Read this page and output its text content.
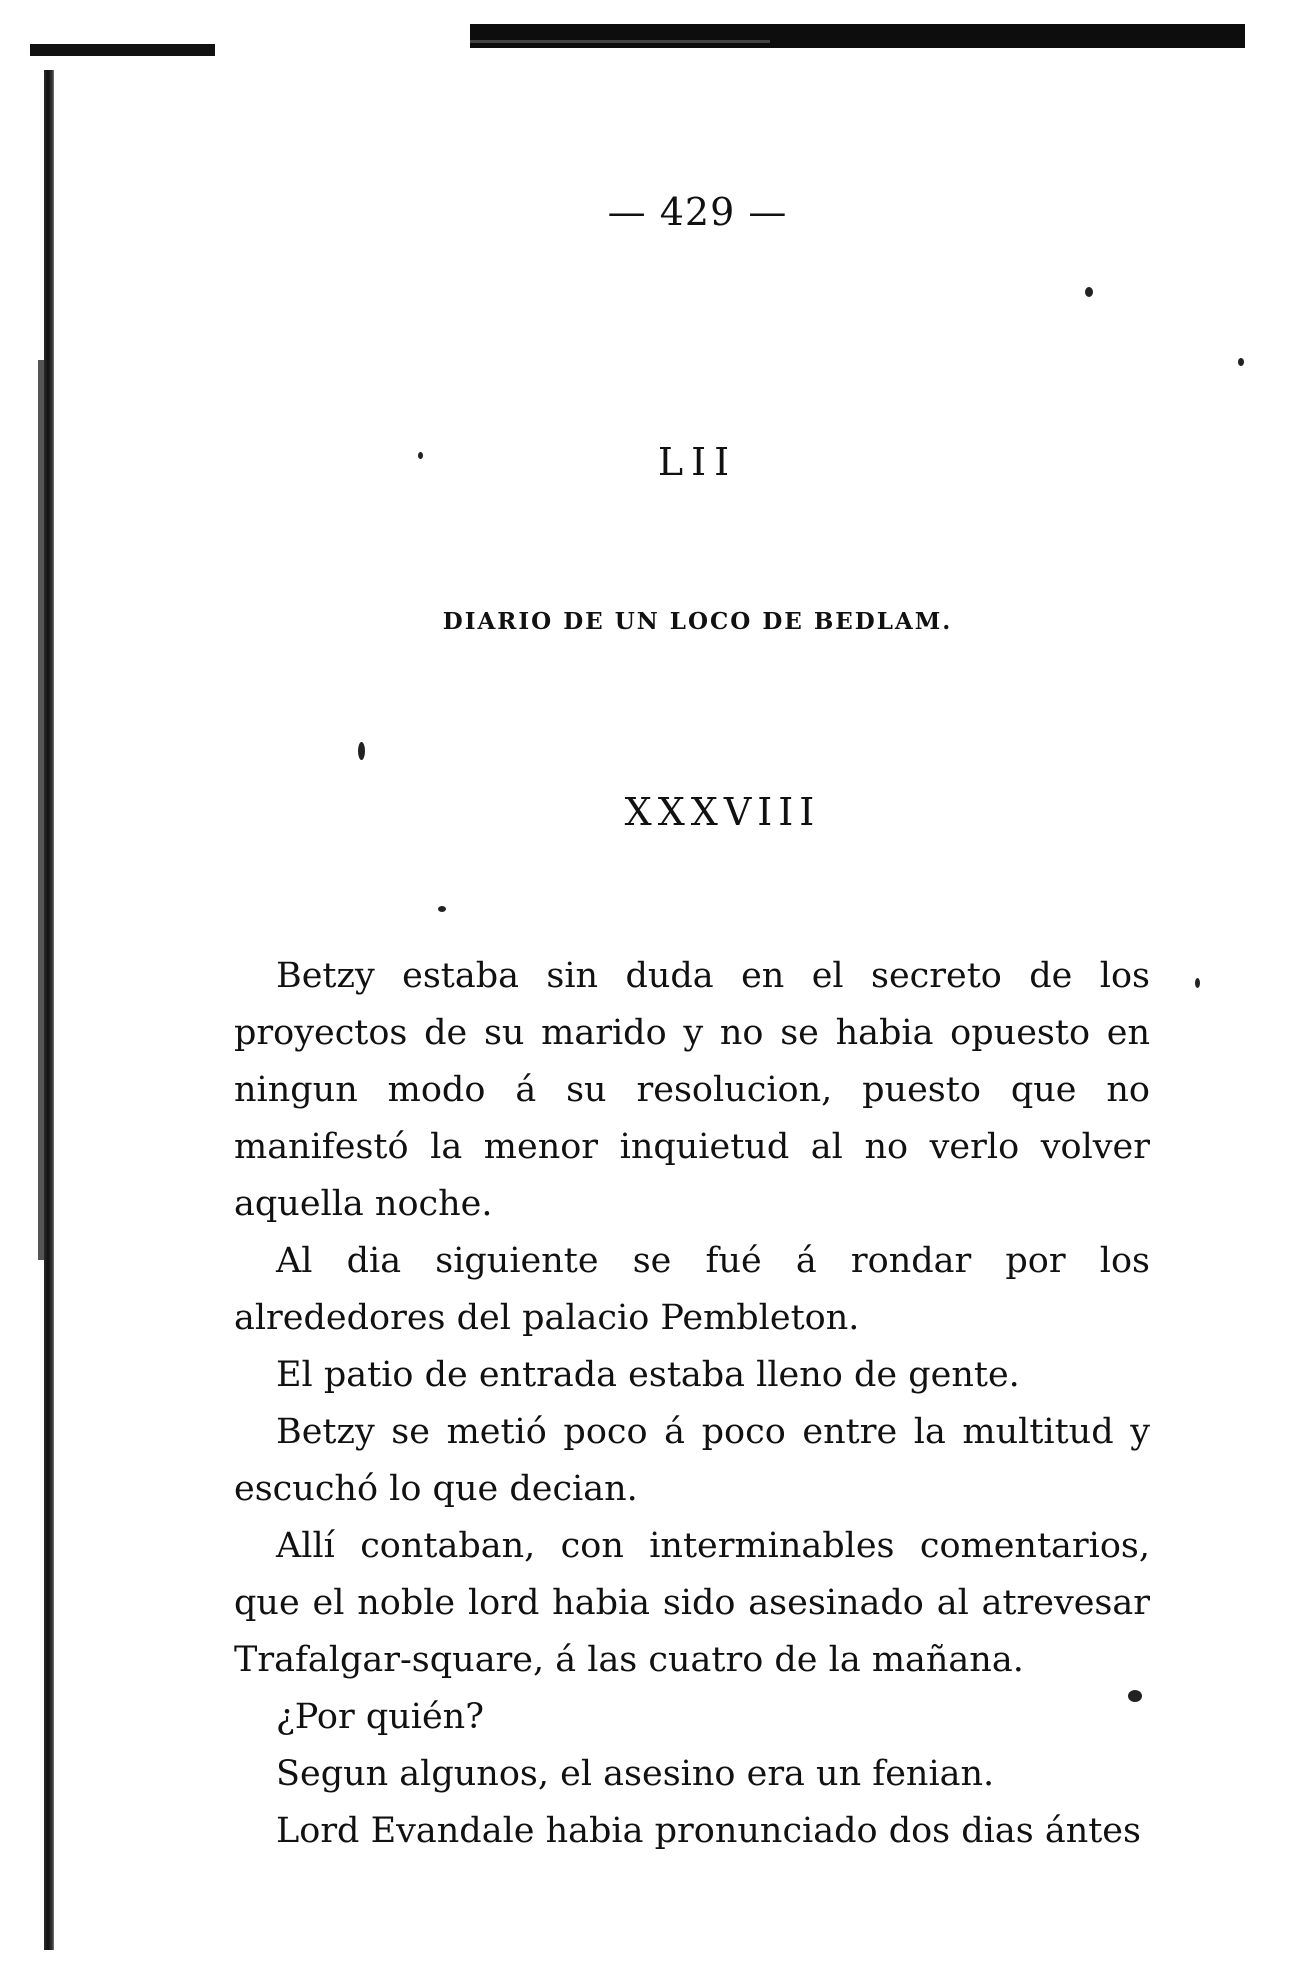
— 429 —
LII
DIARIO DE UN LOCO DE BEDLAM.
XXXVIII

Betzy estaba sin duda en el secreto de los proyectos de su marido y no se habia opuesto en ningun modo á su resolucion, puesto que no manifestó la menor inquietud al no verlo volver aquella noche.

Al dia siguiente se fué á rondar por los alrededores del palacio Pembleton.

El patio de entrada estaba lleno de gente.

Betzy se metió poco á poco entre la multitud y escuchó lo que decian.

Allí contaban, con interminables comentarios, que el noble lord habia sido asesinado al atrevesar Trafalgar-square, á las cuatro de la mañana.

¿Por quién?

Segun algunos, el asesino era un fenian.

Lord Evandale habia pronunciado dos dias ántes
